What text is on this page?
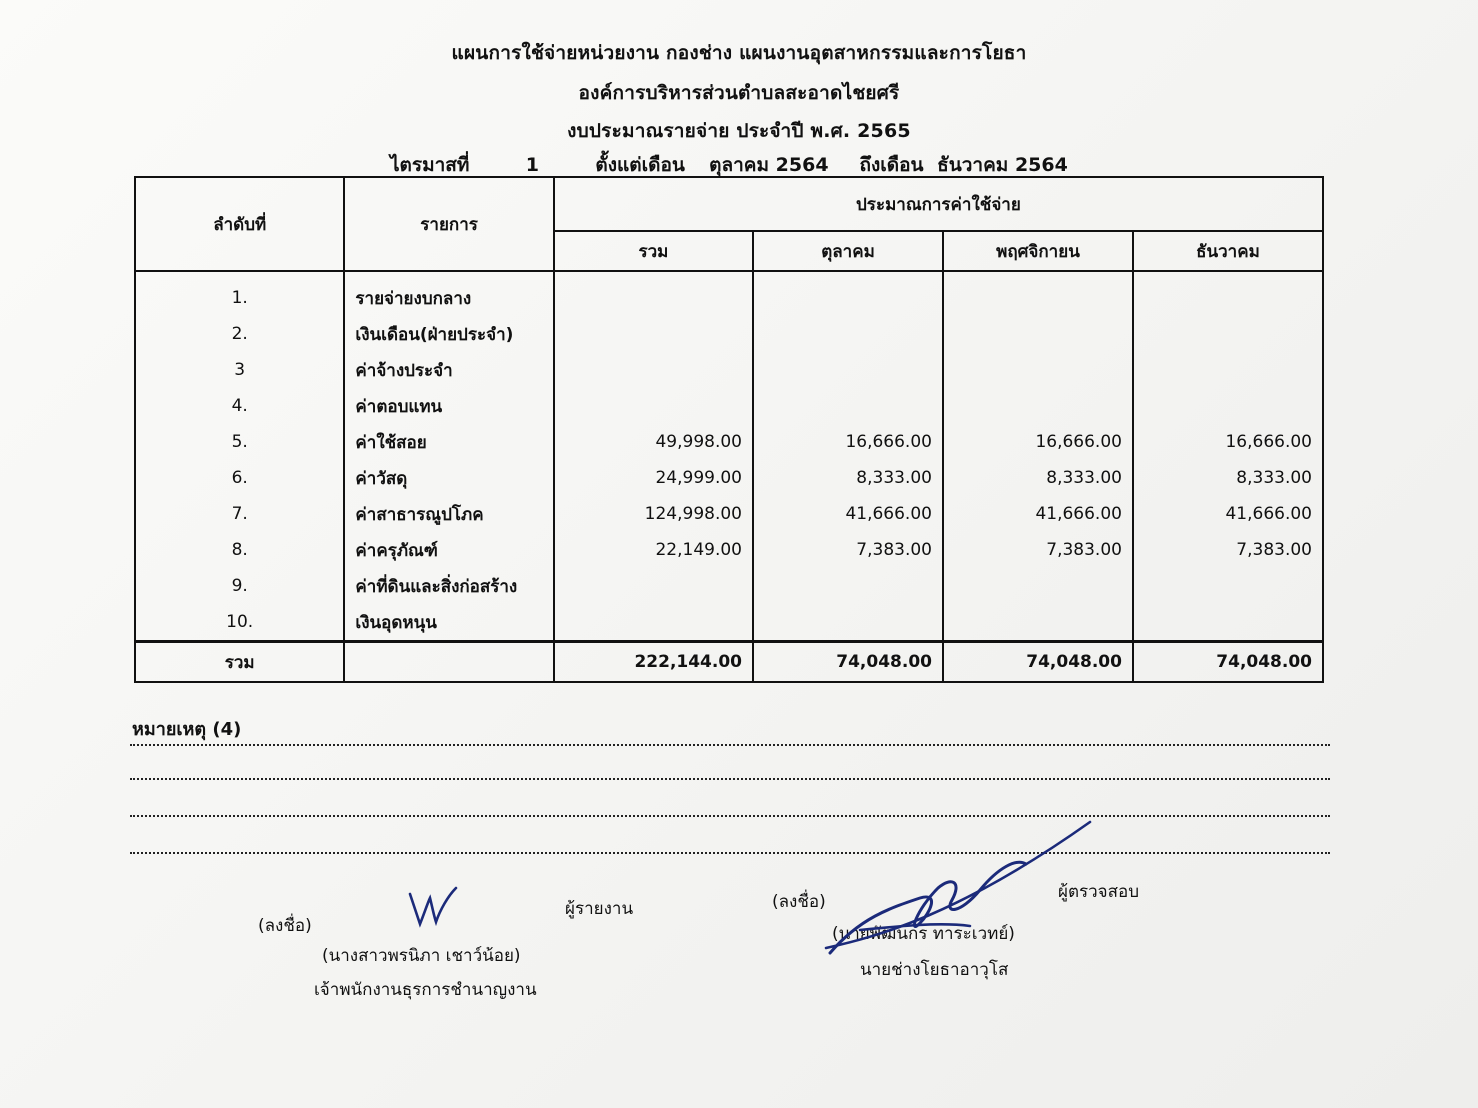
แผนการใช้จ่ายหน่วยงาน กองช่าง แผนงานอุตสาหกรรมและการโยธา
องค์การบริหารส่วนตำบลสะอาดไชยศรี
งบประมาณรายจ่าย ประจำปี พ.ศ. 2565
ไตรมาสที่	1	ตั้งแต่เดือน ตุลาคม 2564 ถึงเดือน ธันวาคม 2564
ลำดับที่	รายการ	ประมาณการค่าใช้จ่าย			
		รวม	ตุลาคม	พฤศจิกายน	ธันวาคม
1.	รายจ่ายงบกลาง				
2.	เงินเดือน(ฝ่ายประจำ)				
3	ค่าจ้างประจำ				
4.	ค่าตอบแทน				
5.	ค่าใช้สอย	49,998.00	16,666.00	16,666.00	16,666.00
6.	ค่าวัสดุ	24,999.00	8,333.00	8,333.00	8,333.00
7.	ค่าสาธารณูปโภค	124,998.00	41,666.00	41,666.00	41,666.00
8.	ค่าครุภัณฑ์	22,149.00	7,383.00	7,383.00	7,383.00
9.	ค่าที่ดินและสิ่งก่อสร้าง				
10.	เงินอุดหนุน				
รวม		222,144.00	74,048.00	74,048.00	74,048.00
หมายเหตุ (4)
(ลงชื่อ)
ผู้รายงาน
(นางสาวพรนิภา เชาว์น้อย)
เจ้าพนักงานธุรการชำนาญงาน
(ลงชื่อ)	ผู้ตรวจสอบ
(นายพัฒนกร ทาระเวทย์)
นายช่างโยธาอาวุโส
